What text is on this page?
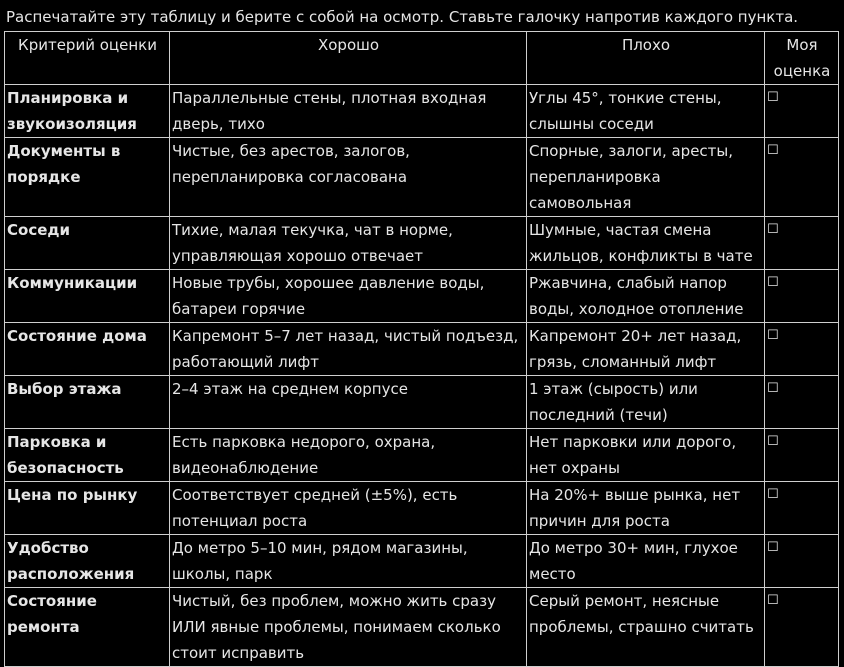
Распечатайте эту таблицу и берите с собой на осмотр. Ставьте галочку напротив каждого пункта.
Критерий оценки	Хорошо	Плохо	Моя оценка
Планировка и звукоизоляция	Параллельные стены, плотная входная дверь, тихо	Углы 45°, тонкие стены, слышны соседи	☐
Документы в порядке	Чистые, без арестов, залогов, перепланировка согласована	Спорные, залоги, аресты, перепланировка самовольная	☐
Соседи	Тихие, малая текучка, чат в норме, управляющая хорошо отвечает	Шумные, частая смена жильцов, конфликты в чате	☐
Коммуникации	Новые трубы, хорошее давление воды, батареи горячие	Ржавчина, слабый напор воды, холодное отопление	☐
Состояние дома	Капремонт 5–7 лет назад, чистый подъезд, работающий лифт	Капремонт 20+ лет назад, грязь, сломанный лифт	☐
Выбор этажа	2–4 этаж на среднем корпусе	1 этаж (сырость) или последний (течи)	☐
Парковка и безопасность	Есть парковка недорого, охрана, видеонаблюдение	Нет парковки или дорого, нет охраны	☐
Цена по рынку	Соответствует средней (±5%), есть потенциал роста	На 20%+ выше рынка, нет причин для роста	☐
Удобство расположения	До метро 5–10 мин, рядом магазины, школы, парк	До метро 30+ мин, глухое место	☐
Состояние ремонта	Чистый, без проблем, можно жить сразу ИЛИ явные проблемы, понимаем сколько стоит исправить	Серый ремонт, неясные проблемы, страшно считать	☐
